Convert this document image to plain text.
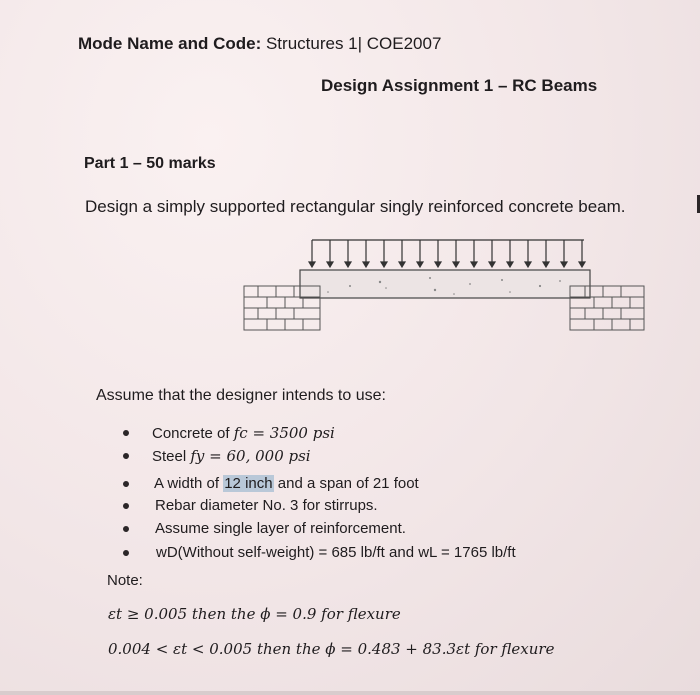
Mode Name and Code: Structures 1| COE2007
Design Assignment 1 – RC Beams
Part 1 – 50 marks
Design a simply supported rectangular singly reinforced concrete beam.
Assume that the designer intends to use:
Concrete of fc = 3500 psi
Steel fy = 60, 000 psi
A width of 12 inch and a span of 21 foot
Rebar diameter No. 3 for stirrups.
Assume single layer of reinforcement.
wD(Without self-weight) = 685 lb/ft and wL = 1765 lb/ft
Note:
εt ≥ 0.005 then the ϕ = 0.9 for flexure
0.004 < εt < 0.005 then the ϕ = 0.483 + 83.3εt for flexure
